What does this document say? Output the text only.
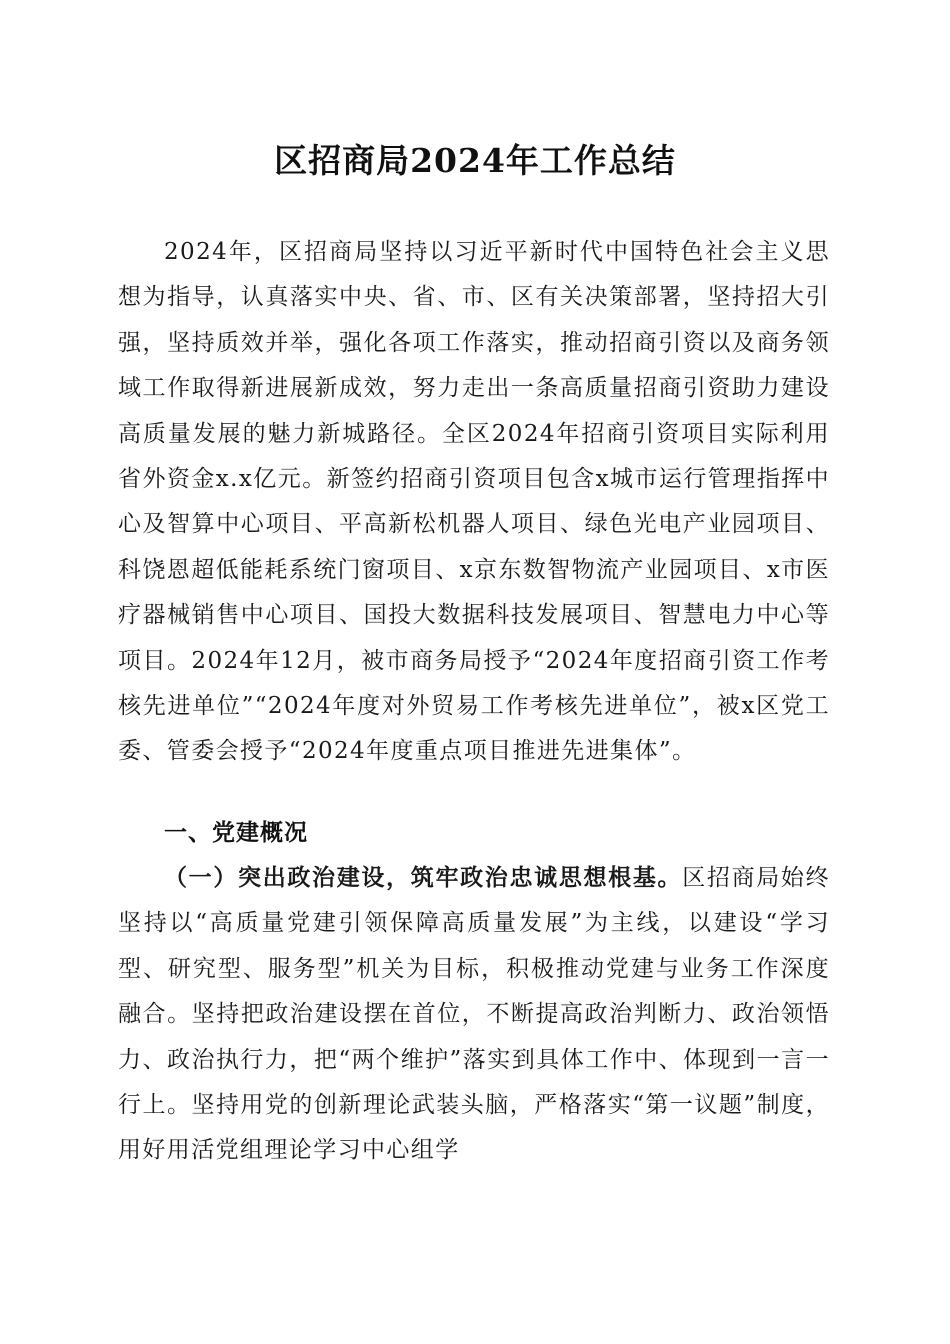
区招商局2024年工作总结

2024年，区招商局坚持以习近平新时代中国特色社会主义思想为指导，认真落实中央、省、市、区有关决策部署，坚持招大引强，坚持质效并举，强化各项工作落实，推动招商引资以及商务领域工作取得新进展新成效，努力走出一条高质量招商引资助力建设高质量发展的魅力新城路径。全区2024年招商引资项目实际利用省外资金x.x亿元。新签约招商引资项目包含x城市运行管理指挥中心及智算中心项目、平高新松机器人项目、绿色光电产业园项目、科饶恩超低能耗系统门窗项目、x京东数智物流产业园项目、x市医疗器械销售中心项目、国投大数据科技发展项目、智慧电力中心等项目。2024年12月，被市商务局授予“2024年度招商引资工作考核先进单位”“2024年度对外贸易工作考核先进单位”，被x区党工委、管委会授予“2024年度重点项目推进先进集体”。

一、党建概况

（一）突出政治建设，筑牢政治忠诚思想根基。区招商局始终坚持以“高质量党建引领保障高质量发展”为主线，以建设“学习型、研究型、服务型”机关为目标，积极推动党建与业务工作深度融合。坚持把政治建设摆在首位，不断提高政治判断力、政治领悟力、政治执行力，把“两个维护”落实到具体工作中、体现到一言一行上。坚持用党的创新理论武装头脑，严格落实“第一议题”制度，用好用活党组理论学习中心组学
